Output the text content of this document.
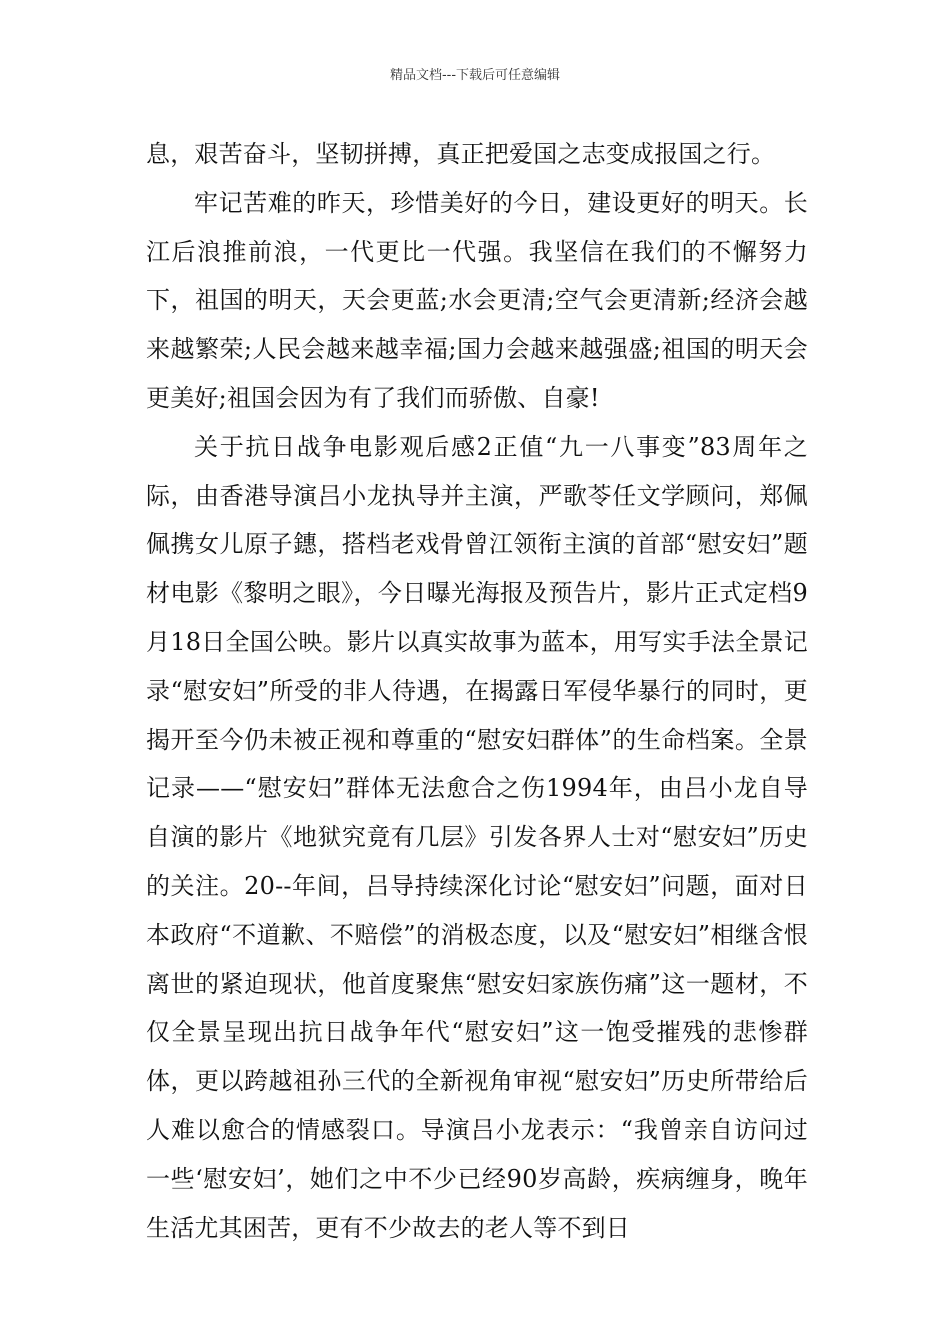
精品文档---下载后可任意编辑

息，艰苦奋斗，坚韧拼搏，真正把爱国之志变成报国之行。

牢记苦难的昨天，珍惜美好的今日，建设更好的明天。长江后浪推前浪，一代更比一代强。我坚信在我们的不懈努力下，祖国的明天，天会更蓝;水会更清;空气会更清新;经济会越来越繁荣;人民会越来越幸福;国力会越来越强盛;祖国的明天会更美好;祖国会因为有了我们而骄傲、自豪!

关于抗日战争电影观后感2正值“九一八事变”83周年之际，由香港导演吕小龙执导并主演，严歌苓任文学顾问，郑佩佩携女儿原子鏸，搭档老戏骨曾江领衔主演的首部“慰安妇”题材电影《黎明之眼》，今日曝光海报及预告片，影片正式定档9月18日全国公映。影片以真实故事为蓝本，用写实手法全景记录“慰安妇”所受的非人待遇，在揭露日军侵华暴行的同时，更揭开至今仍未被正视和尊重的“慰安妇群体”的生命档案。全景记录——“慰安妇”群体无法愈合之伤1994年，由吕小龙自导自演的影片《地狱究竟有几层》引发各界人士对“慰安妇”历史的关注。20--年间，吕导持续深化讨论“慰安妇”问题，面对日本政府“不道歉、不赔偿”的消极态度，以及“慰安妇”相继含恨离世的紧迫现状，他首度聚焦“慰安妇家族伤痛”这一题材，不仅全景呈现出抗日战争年代“慰安妇”这一饱受摧残的悲惨群体，更以跨越祖孙三代的全新视角审视“慰安妇”历史所带给后人难以愈合的情感裂口。导演吕小龙表示：“我曾亲自访问过一些‘慰安妇’，她们之中不少已经90岁高龄，疾病缠身，晚年生活尤其困苦，更有不少故去的老人等不到日
